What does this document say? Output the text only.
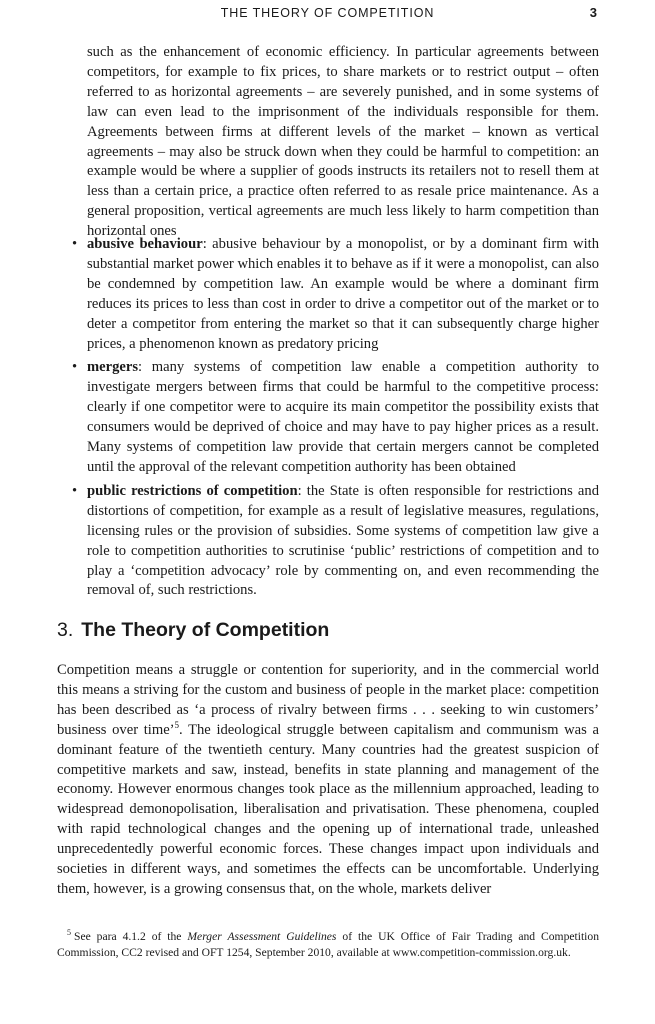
THE THEORY OF COMPETITION	3

such as the enhancement of economic efficiency. In particular agreements between competitors, for example to fix prices, to share markets or to restrict output – often referred to as horizontal agreements – are severely punished, and in some systems of law can even lead to the imprisonment of the individuals responsible for them. Agreements between firms at different levels of the market – known as vertical agreements – may also be struck down when they could be harmful to competition: an example would be where a supplier of goods instructs its retailers not to resell them at less than a certain price, a practice often referred to as resale price maintenance. As a general proposition, vertical agreements are much less likely to harm competition than horizontal ones

• abusive behaviour: abusive behaviour by a monopolist, or by a dominant firm with substantial market power which enables it to behave as if it were a monopolist, can also be condemned by competition law. An example would be where a dominant firm reduces its prices to less than cost in order to drive a competitor out of the market or to deter a competitor from entering the market so that it can subsequently charge higher prices, a phenomenon known as predatory pricing
• mergers: many systems of competition law enable a competition authority to investigate mergers between firms that could be harmful to the competitive process: clearly if one competitor were to acquire its main competitor the possibility exists that consumers would be deprived of choice and may have to pay higher prices as a result. Many systems of competition law provide that certain mergers cannot be completed until the approval of the relevant competition authority has been obtained
• public restrictions of competition: the State is often responsible for restrictions and distortions of competition, for example as a result of legislative measures, regulations, licensing rules or the provision of subsidies. Some systems of competition law give a role to competition authorities to scrutinise ‘public’ restrictions of competition and to play a ‘competition advocacy’ role by commenting on, and even recommending the removal of, such restrictions.
3. The Theory of Competition

Competition means a struggle or contention for superiority, and in the commercial world this means a striving for the custom and business of people in the market place: competition has been described as ‘a process of rivalry between firms . . . seeking to win customers’ business over time’$^5$. The ideological struggle between capitalism and communism was a dominant feature of the twentieth century. Many countries had the greatest suspicion of competitive markets and saw, instead, benefits in state planning and management of the economy. However enormous changes took place as the millennium approached, leading to widespread demonopolisation, liberalisation and privatisation. These phenomena, coupled with rapid technological changes and the opening up of international trade, unleashed unprecedentedly powerful economic forces. These changes impact upon individuals and societies in different ways, and sometimes the effects can be uncomfortable. Underlying them, however, is a growing consensus that, on the whole, markets deliver

$^5$ See para 4.1.2 of the Merger Assessment Guidelines of the UK Office of Fair Trading and Competition Commission, CC2 revised and OFT 1254, September 2010, available at www.competition-commission.org.uk.
